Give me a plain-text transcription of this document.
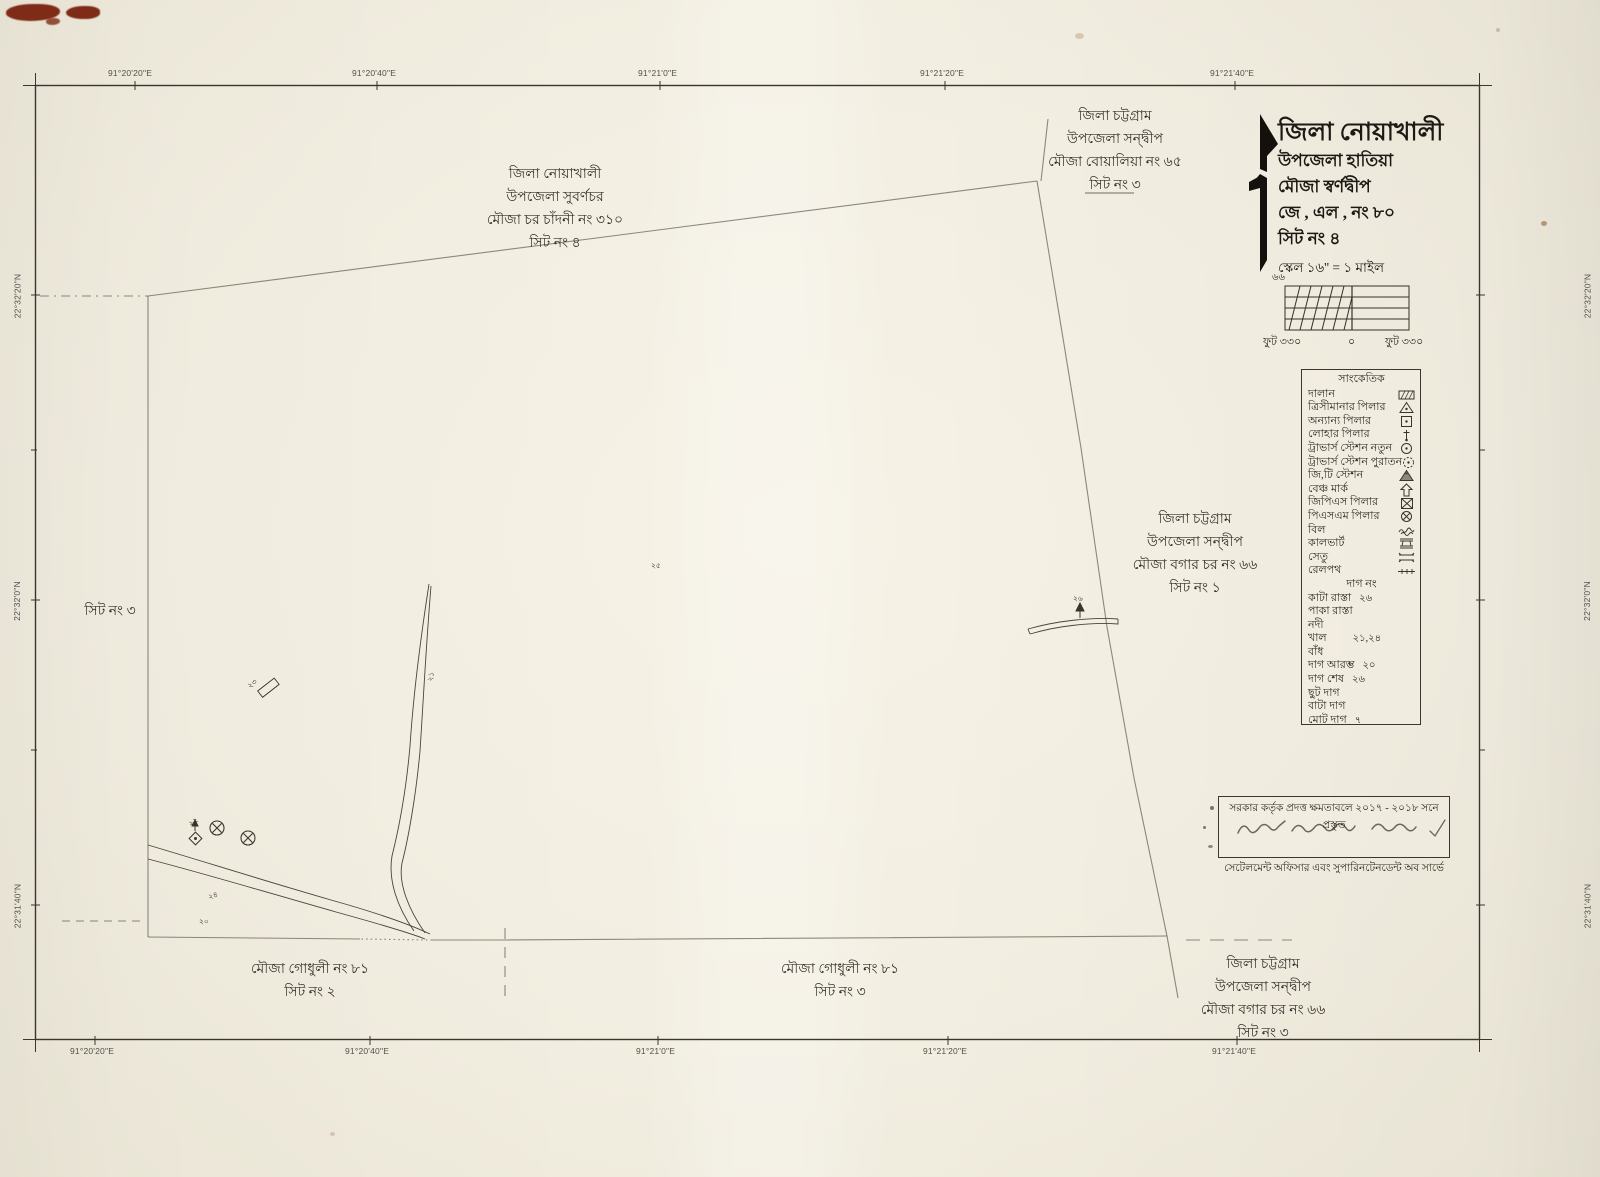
২৫
২৬
২২
২১
২৩
২৪
২০
91°20'20"E	91°20'40"E	91°21'0"E	91°21'20"E	91°21'40"E
91°20'20"E	91°20'40"E	91°21'0"E	91°21'20"E	91°21'40"E
22°32'20"N
22°32'0"N
22°31'40"N
22°32'20"N
22°32'0"N
22°31'40"N
জিলা নোয়াখালী
উপজেলা সুবর্ণচর
মৌজা চর চাঁদনী নং ৩১০
সিট নং ৪
জিলা চট্টগ্রাম
উপজেলা সন্দ্বীপ
মৌজা বোয়ালিয়া নং ৬৫
সিট নং ৩
জিলা চট্টগ্রাম
উপজেলা সন্দ্বীপ
মৌজা বগার চর নং ৬৬
সিট নং ১
জিলা চট্টগ্রাম
উপজেলা সন্দ্বীপ
মৌজা বগার চর নং ৬৬
সিট নং ৩
মৌজা গোধুলী নং ৮১
সিট নং ২
মৌজা গোধুলী নং ৮১
সিট নং ৩
সিট নং ৩
জিলা নোয়াখালী
উপজেলা হাতিয়া
মৌজা স্বর্ণদ্বীপ
জে , এল , নং ৮০
সিট নং ৪
স্কেল ১৬'' = ১ মাইল
৬৬
ফুট ৩৩০	০	ফুট ৩৩০
সাংকেতিক
দালান
ত্রিসীমানার পিলার
অন্যান্য পিলার
লোহার পিলার
ট্রাভার্স স্টেশন নতুন
ট্রাভার্স স্টেশন পুরাতন
জি,টি স্টেশন
বেঞ্চ মার্ক
জিপিএস পিলার
পিএসএম পিলার
বিল
কালভার্ট
সেতু
রেলপথ
দাগ নং
কাটা রাস্তা ২৬
পাকা রাস্তা
নদী
খাল	২১,২৪
বাঁধ
দাগ আরম্ভ ২০
দাগ শেষ ২৬
ছুট দাগ
বাটা দাগ
মোট দাগ ৭
সরকার কর্তৃক প্রদত্ত ক্ষমতাবলে ২০১৭ - ২০১৮ সনে প্রস্তুত
সেটেলমেন্ট অফিসার এবং সুপারিনটেনডেন্ট অব সার্ভে
